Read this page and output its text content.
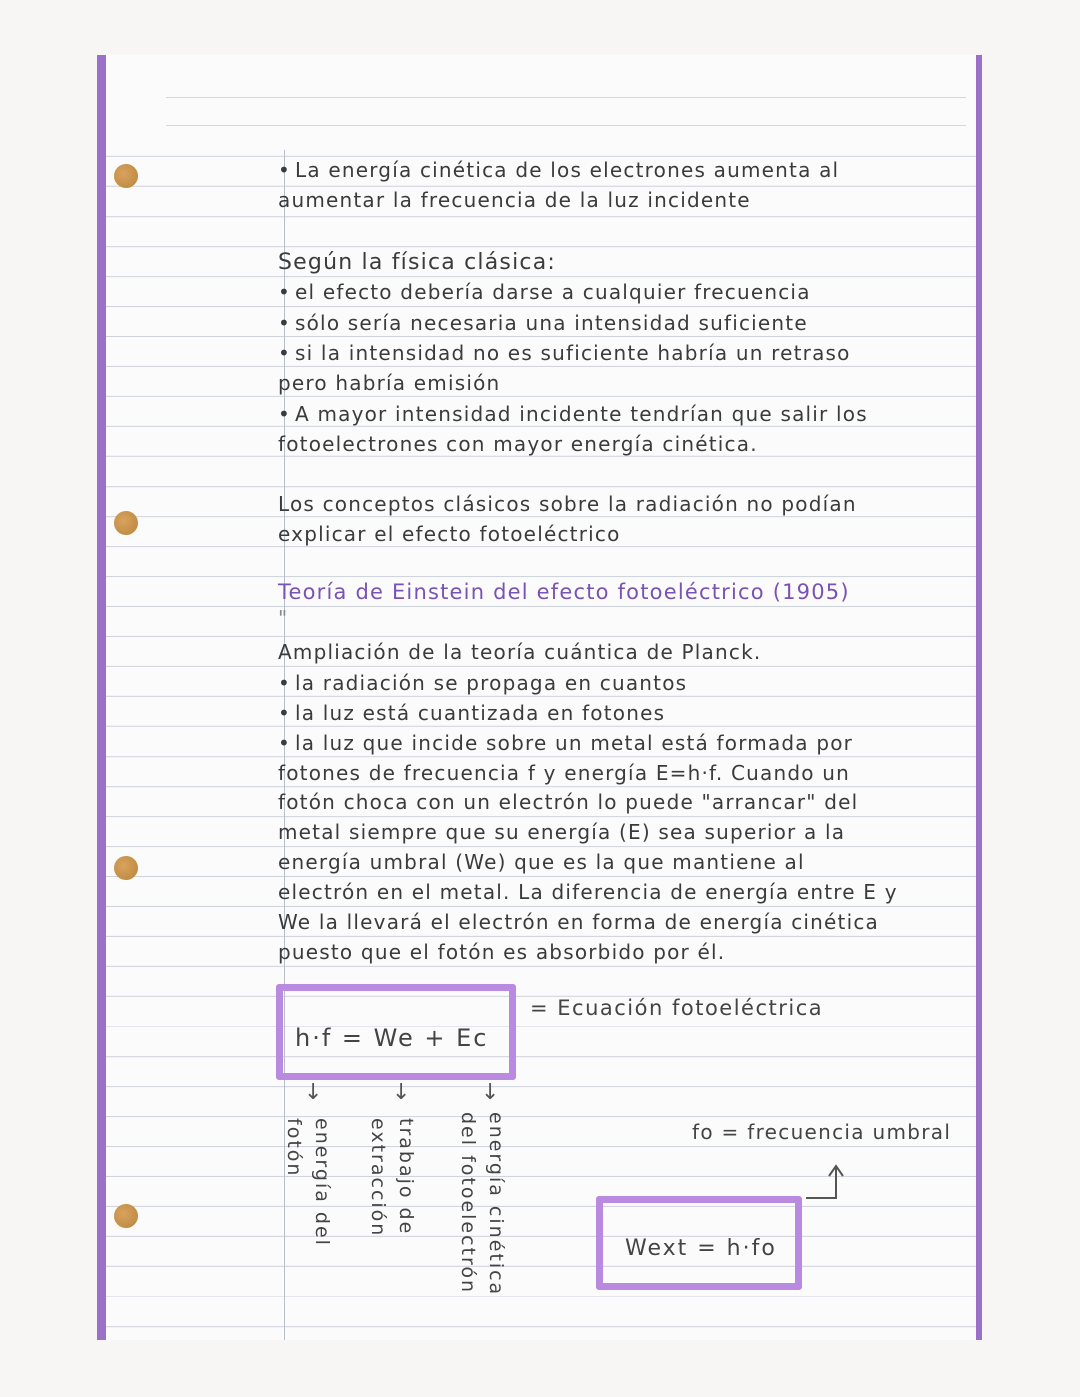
• La energía cinética de los electrones aumenta al

aumentar la frecuencia de la luz incidente

Según la física clásica:

• el efecto debería darse a cualquier frecuencia

• sólo sería necesaria una intensidad suficiente

• si la intensidad no es suficiente habría un retraso

pero habría emisión

• A mayor intensidad incidente tendrían que salir los

fotoelectrones con mayor energía cinética.

Los conceptos clásicos sobre la radiación no podían

explicar el efecto fotoeléctrico

Teoría de Einstein del efecto fotoeléctrico (1905)

"

Ampliación de la teoría cuántica de Planck.

• la radiación se propaga en cuantos

• la luz está cuantizada en fotones

• la luz que incide sobre un metal está formada por

fotones de frecuencia f y energía E=h·f. Cuando un

fotón choca con un electrón lo puede "arrancar" del

metal siempre que su energía (E) sea superior a la

energía umbral (We) que es la que mantiene al

electrón en el metal. La diferencia de energía entre E y

We la llevará el electrón en forma de energía cinética

puesto que el fotón es absorbido por él.

h·f = We + Ec
= Ecuación fotoeléctrica
↓	↓	↓
energía del fotón	trabajo de extracción	energía cinética del fotoelectrón	fo = frecuencia umbral
Wext = h·fo
